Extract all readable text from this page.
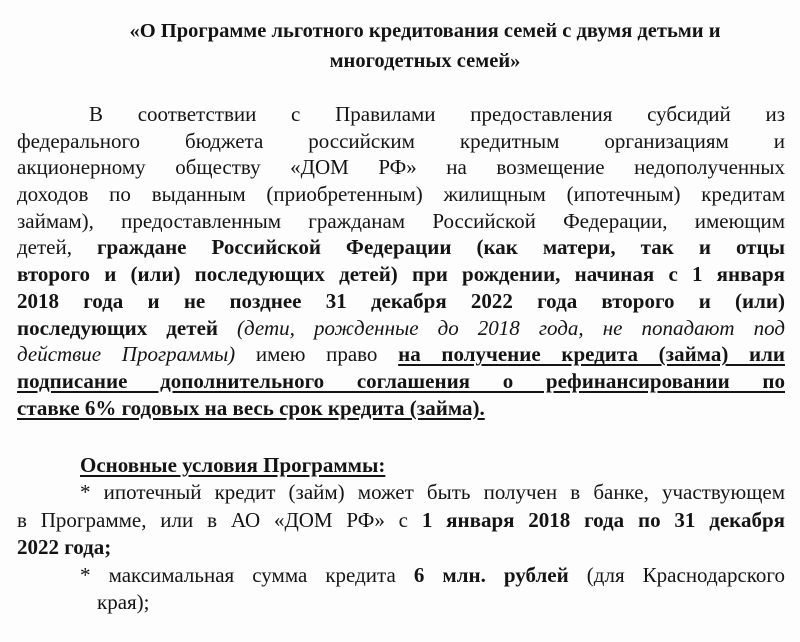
«О Программе льготного кредитования семей с двумя детьми и
многодетных семей»
В соответствии с Правилами предоставления субсидий из
федерального бюджета российским кредитным организациям и
акционерному обществу «ДОМ РФ» на возмещение недополученных
доходов по выданным (приобретенным) жилищным (ипотечным) кредитам
займам), предоставленным гражданам Российской Федерации, имеющим
детей, граждане Российской Федерации (как матери, так и отцы
второго и (или) последующих детей) при рождении, начиная с 1 января
2018 года и не позднее 31 декабря 2022 года второго и (или)
последующих детей (дети, рожденные до 2018 года, не попадают под
действие Программы) имею право на получение кредита (займа) или
подписание дополнительного соглашения о рефинансировании по
ставке 6% годовых на весь срок кредита (займа).
Основные условия Программы:
* ипотечный кредит (займ) может быть получен в банке, участвующем
в Программе, или в АО «ДОМ РФ» с 1 января 2018 года по 31 декабря
2022 года;
* максимальная сумма кредита 6 млн. рублей (для Краснодарского
края);
